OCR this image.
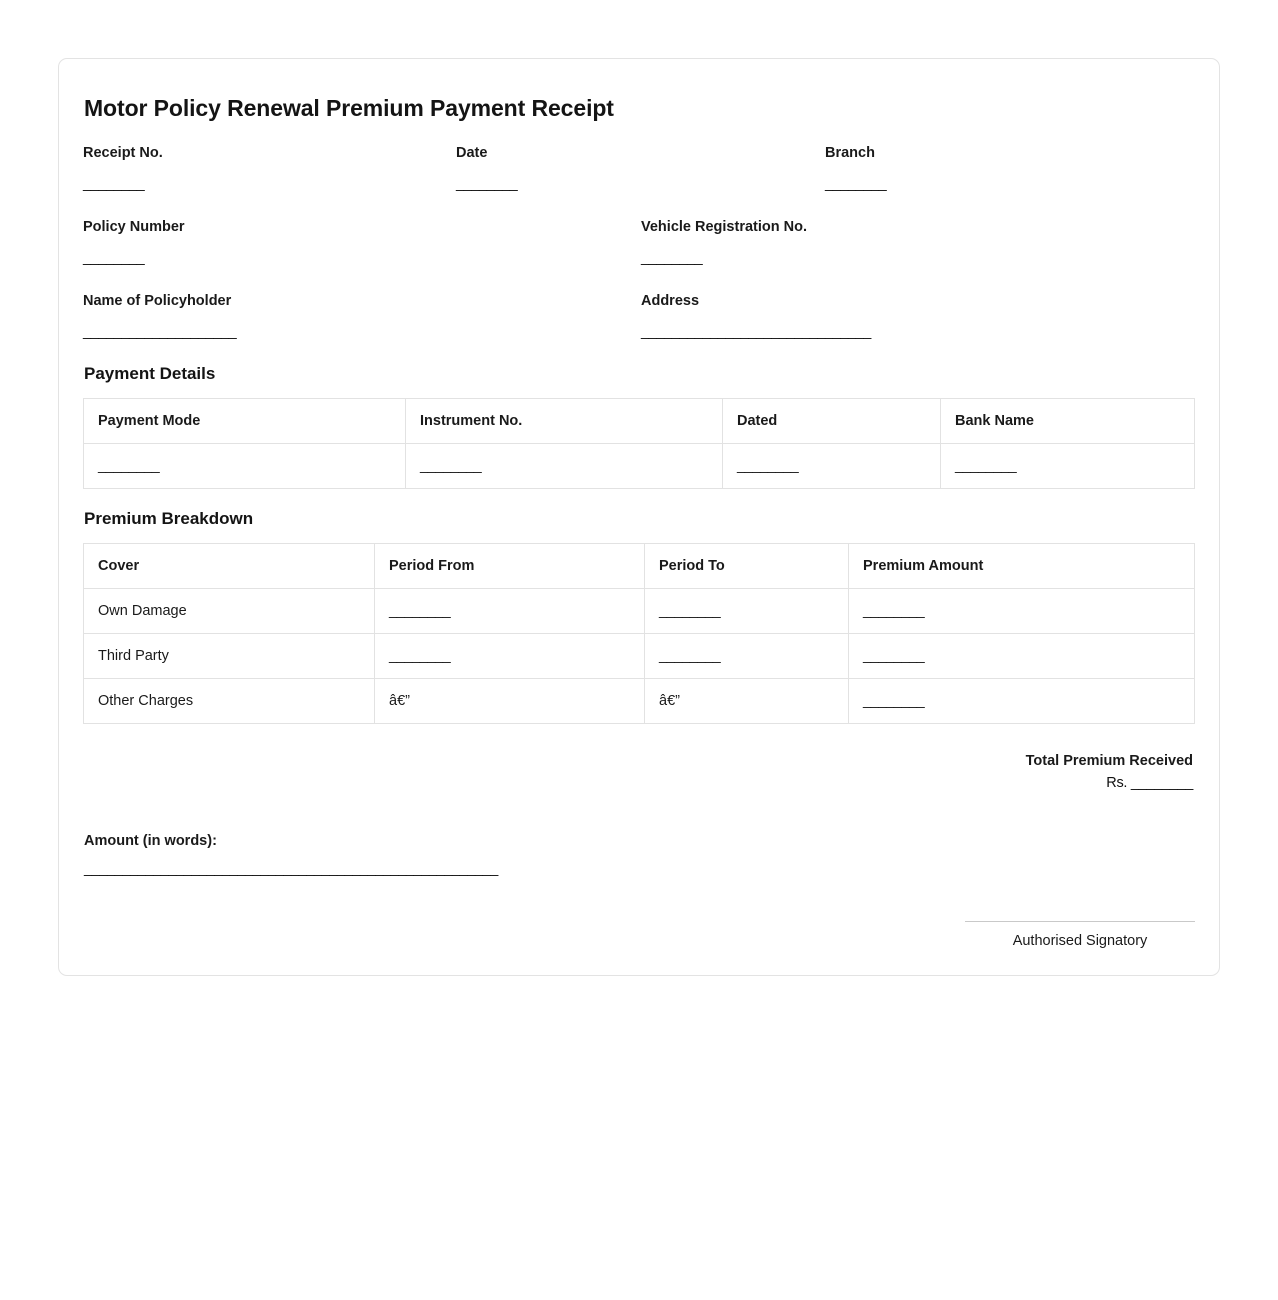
Motor Policy Renewal Premium Payment Receipt
Receipt No.
________
Date
________
Branch
________
Policy Number
________
Vehicle Registration No.
________
Name of Policyholder
____________________
Address
______________________________
Payment Details
Payment Mode	Instrument No.	Dated	Bank Name
________	________	________	________
Premium Breakdown
Cover	Period From	Period To	Premium Amount
Own Damage	________	________	________
Third Party	________	________	________
Other Charges	â€”	â€”	________
Total Premium Received
Rs. ________
Amount (in words):
______________________________________________________
Authorised Signatory
